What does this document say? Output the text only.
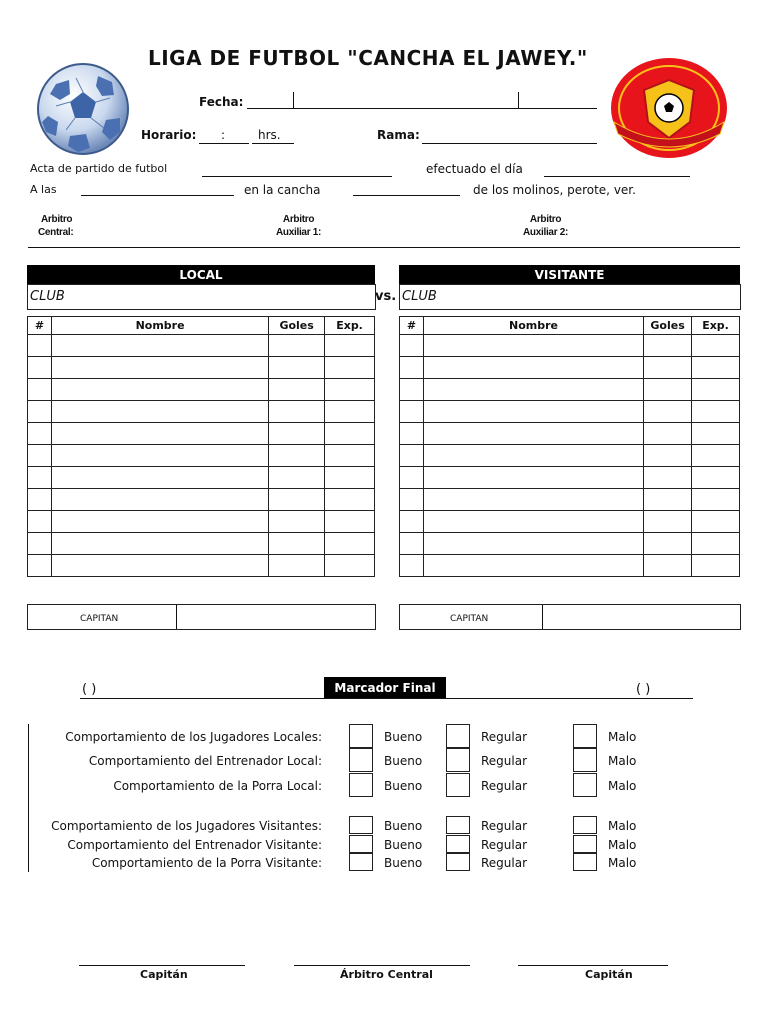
LIGA DE FUTBOL "CANCHA EL JAWEY."
Fecha:
Horario: :	hrs.	Rama:
Acta de partido de futbol	efectuado el día
A las	en la cancha	de los molinos, perote, ver.
Arbitro
Central:
Arbitro
Auxiliar 1:
Arbitro
Auxiliar 2:
LOCAL
CLUB	vs.
VISITANTE
CLUB
#	Nombre	Goles	Exp.

				#	Nombre	Goles	Exp.

CAPITAN	CAPITAN
( )	Marcador Final	( )
Comportamiento de los Jugadores Locales:	Bueno	Regular	Malo
Comportamiento del Entrenador Local:	Bueno	Regular	Malo
Comportamiento de la Porra Local:	Bueno	Regular	Malo
Comportamiento de los Jugadores Visitantes:	Bueno	Regular	Malo
Comportamiento del Entrenador Visitante:	Bueno	Regular	Malo
Comportamiento de la Porra Visitante:	Bueno	Regular	Malo
Capitán	Árbitro Central	Capitán
